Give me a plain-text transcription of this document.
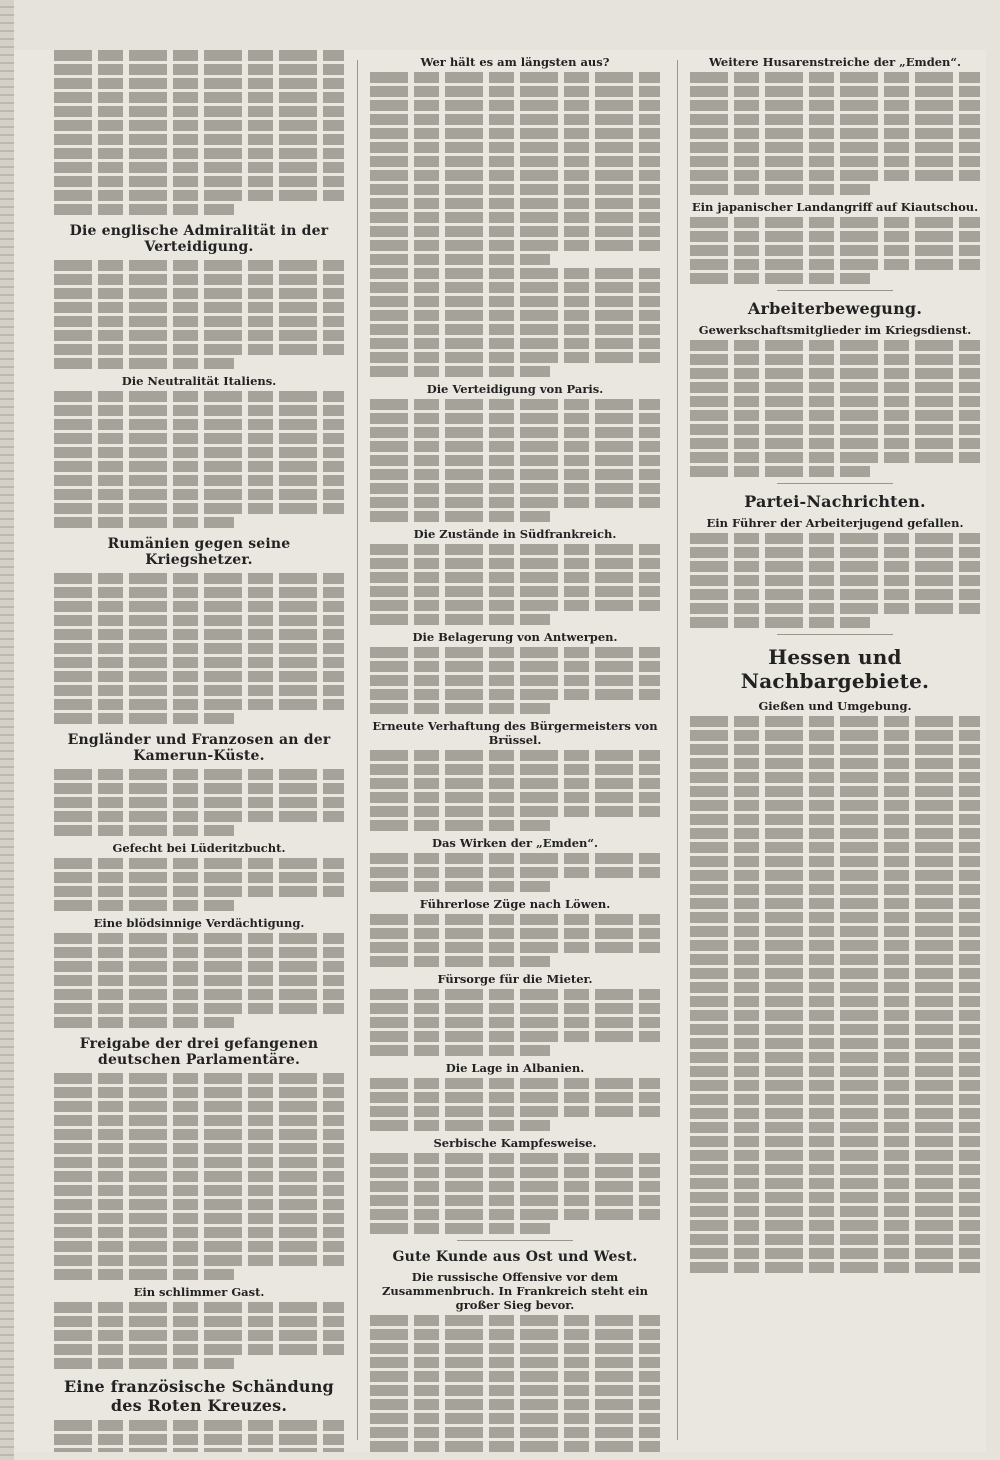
Die englische Admiralität in der Verteidigung.
Die Neutralität Italiens.
Rumänien gegen seine Kriegshetzer.
Engländer und Franzosen an der Kamerun-Küste.
Gefecht bei Lüderitzbucht.
Eine blödsinnige Verdächtigung.
Freigabe der drei gefangenen deutschen Parlamentäre.
Ein schlimmer Gast.
Eine französische Schändung des Roten Kreuzes.
Wer hält es am längsten aus?
Die Verteidigung von Paris.
Die Zustände in Südfrankreich.
Die Belagerung von Antwerpen.
Erneute Verhaftung des Bürgermeisters von Brüssel.
Das Wirken der „Emden“.
Führerlose Züge nach Löwen.
Fürsorge für die Mieter.
Die Lage in Albanien.
Serbische Kampfesweise.
Gute Kunde aus Ost und West.
Die russische Offensive vor dem Zusammenbruch. In Frankreich steht ein großer Sieg bevor.
Weitere Husarenstreiche der „Emden“.
Ein japanischer Landangriff auf Kiautschou.
Arbeiterbewegung.
Gewerkschaftsmitglieder im Kriegsdienst.
Partei-Nachrichten.
Ein Führer der Arbeiterjugend gefallen.
Hessen und Nachbargebiete.
Gießen und Umgebung.
